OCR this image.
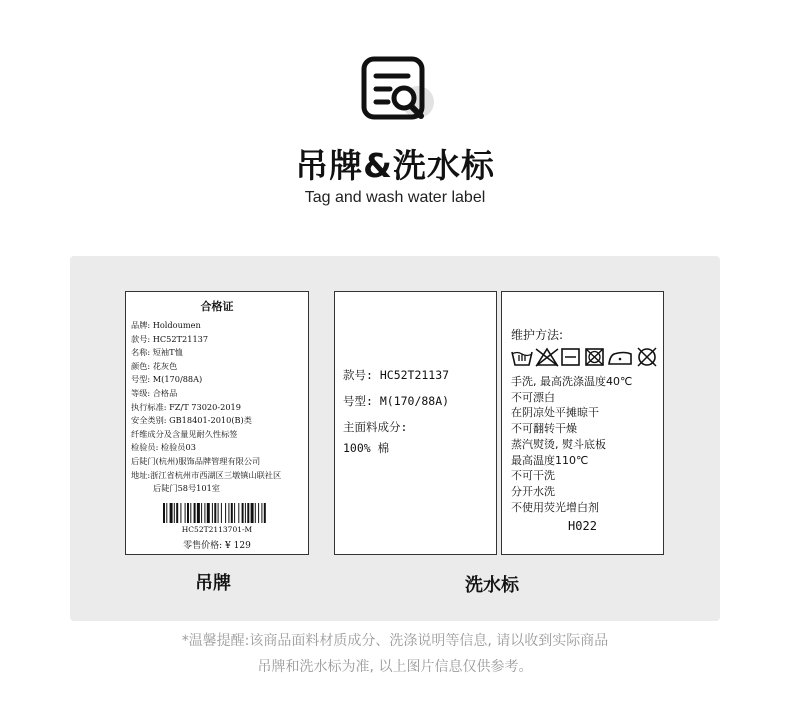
吊牌&洗水标
Tag and wash water label
合格证
品牌: Holdoumen
款号: HC52T21137
名称: 短袖T恤
颜色: 花灰色
号型: M(170/88A)
等级: 合格品
执行标准: FZ/T 73020-2019
安全类别: GB18401-2010(B)类
纤维成分及含量见耐久性标签
检验员: 检验员03
后陡门(杭州)服饰品牌管理有限公司
地址:浙江省杭州市西湖区三墩镇山联社区
后陡门58号101室
HC52T2113701-M
零售价格: ¥ 129
款号: HC52T21137
号型: M(170/88A)
主面料成分:
100% 棉
维护方法:
手洗, 最高洗涤温度40℃
不可漂白
在阴凉处平摊晾干
不可翻转干燥
蒸汽熨烫, 熨斗底板
最高温度110℃
不可干洗
分开水洗
不使用荧光增白剂
H022
吊牌	洗水标
*温馨提醒:该商品面料材质成分、洗涤说明等信息, 请以收到实际商品
吊牌和洗水标为准, 以上图片信息仅供参考。
